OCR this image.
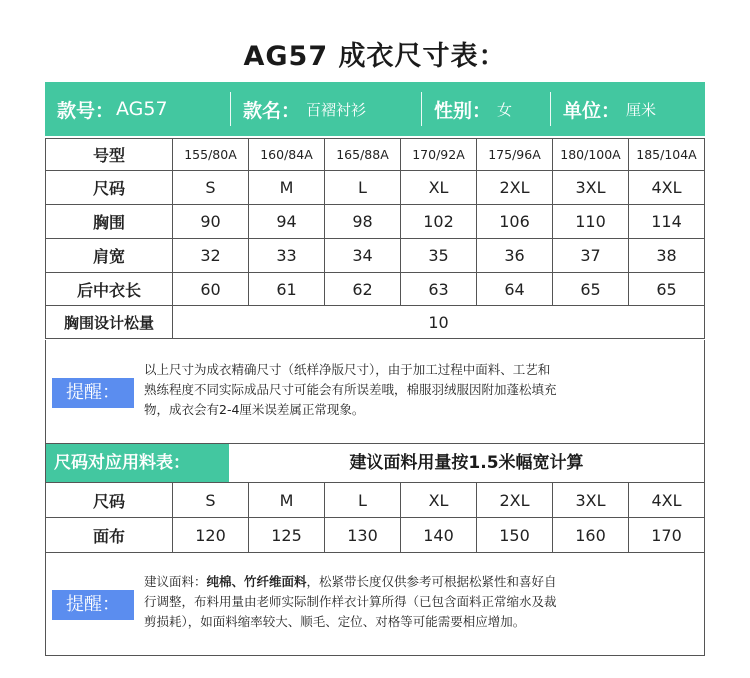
AG57 成衣尺寸表：
款号： AG57	款名： 百褶衬衫	性别： 女	单位： 厘米
号型	155/80A	160/84A	165/88A	170/92A	175/96A	180/100A	185/104A
尺码	S	M	L	XL	2XL	3XL	4XL
胸围	90	94	98	102	106	110	114
肩宽	32	33	34	35	36	37	38
后中衣长	60	61	62	63	64	65	65
胸围设计松量	10						
提醒：
以上尺寸为成衣精确尺寸（纸样净版尺寸），由于加工过程中面料、工艺和
熟练程度不同实际成品尺寸可能会有所误差哦，棉服羽绒服因附加蓬松填充
物，成衣会有2-4厘米误差属正常现象。
尺码对应用料表：	建议面料用量按1.5米幅宽计算
尺码	S	M	L	XL	2XL	3XL	4XL
面布	120	125	130	140	150	160	170
提醒：
建议面料：纯棉、竹纤维面料，松紧带长度仅供参考可根据松紧性和喜好自
行调整，布料用量由老师实际制作样衣计算所得（已包含面料正常缩水及裁
剪损耗），如面料缩率较大、顺毛、定位、对格等可能需要相应增加。
